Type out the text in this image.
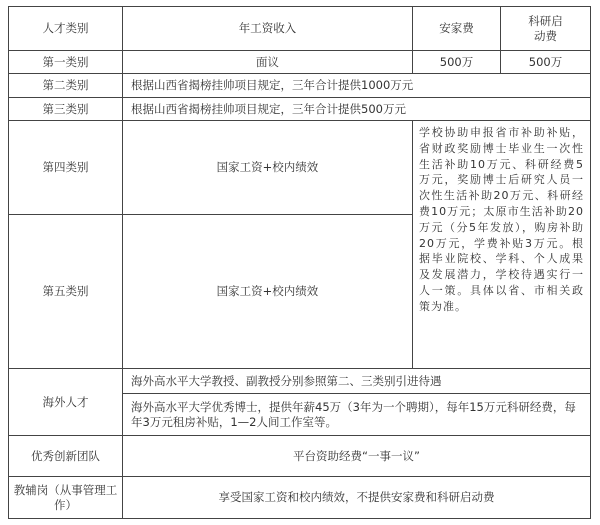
人才类别	年工资收入	安家费	科研启动费
第一类别	面议	500万	500万
第二类别	根据山西省揭榜挂帅项目规定，三年合计提供1000万元		
第三类别	根据山西省揭榜挂帅项目规定，三年合计提供500万元		
第四类别	国家工资+校内绩效	学校协助申报省市补助补贴，省财政奖励博士毕业生一次性生活补助10万元、科研经费5万元，奖励博士后研究人员一次性生活补助20万元、科研经费10万元；太原市生活补助20万元（分5年发放），购房补助20万元，学费补贴3万元。根据毕业院校、学科、个人成果及发展潜力，学校待遇实行一人一策。具体以省、市相关政策为准。	
第五类别	国家工资+校内绩效		
海外人才	海外高水平大学教授、副教授分别参照第二、三类别引进待遇		
	海外高水平大学优秀博士，提供年薪45万（3年为一个聘期），每年15万元科研经费，每年3万元租房补贴，1—2人间工作室等。		
优秀创新团队	平台资助经费“一事一议”		
教辅岗（从事管理工作）	享受国家工资和校内绩效，不提供安家费和科研启动费		
